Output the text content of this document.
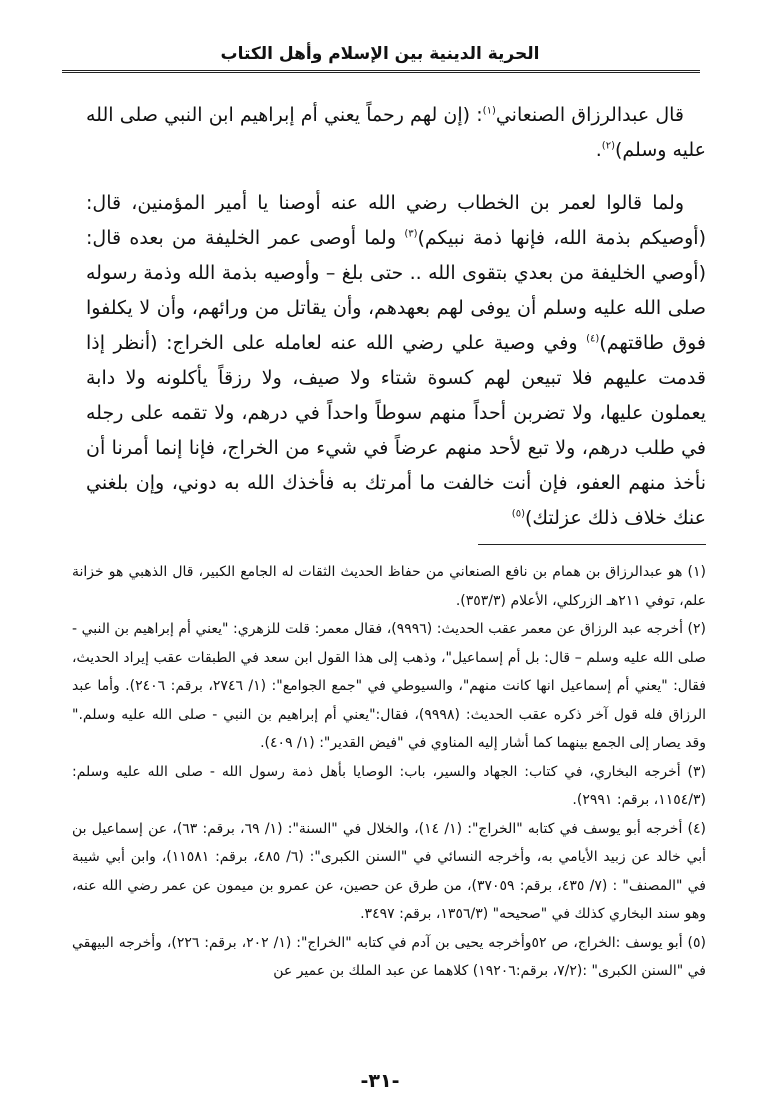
الحرية الدينية بين الإسلام وأهل الكتاب

قال عبدالرزاق الصنعاني$^{(١)}$: (إن لهم رحماً يعني أم إبراهيم ابن النبي صلى الله عليه وسلم)$^{(٢)}$.

ولما قالوا لعمر بن الخطاب رضي الله عنه أوصنا يا أمير المؤمنين، قال: (أوصيكم بذمة الله، فإنها ذمة نبيكم)$^{(٣)}$ ولما أوصى عمر الخليفة من بعده قال: (أوصي الخليفة من بعدي بتقوى الله .. حتى بلغ – وأوصيه بذمة الله وذمة رسوله صلى الله عليه وسلم أن يوفى لهم بعهدهم، وأن يقاتل من ورائهم، وأن لا يكلفوا فوق طاقتهم)$^{(٤)}$ وفي وصية علي رضي الله عنه لعامله على الخراج: (أنظر إذا قدمت عليهم فلا تبيعن لهم كسوة شتاء ولا صيف، ولا رزقاً يأكلونه ولا دابة يعملون عليها، ولا تضربن أحداً منهم سوطاً واحداً في درهم، ولا تقمه على رجله في طلب درهم، ولا تبع لأحد منهم عرضاً في شيء من الخراج، فإنا إنما أمرنا أن نأخذ منهم العفو، فإن أنت خالفت ما أمرتك به فأخذك الله به دوني، وإن بلغني عنك خلاف ذلك عزلتك)$^{(٥)}$

(١) هو عبدالرزاق بن همام بن نافع الصنعاني من حفاظ الحديث الثقات له الجامع الكبير، قال الذهبي هو خزانة علم، توفي ٢١١هـ الزركلي، الأعلام (٣٥٣/٣).

(٢) أخرجه عبد الرزاق عن معمر عقب الحديث: (٩٩٩٦)، فقال معمر: قلت للزهري: "يعني أم إبراهيم بن النبي - صلى الله عليه وسلم – قال: بل أم إسماعيل"، وذهب إلى هذا القول ابن سعد في الطبقات عقب إيراد الحديث، فقال: "يعني أم إسماعيل انها كانت منهم"، والسيوطي في "جمع الجوامع": (١/ ٢٧٤٦، برقم: ٢٤٠٦). وأما عبد الرزاق فله قول آخر ذكره عقب الحديث: (٩٩٩٨)، فقال:"يعني أم إبراهيم بن النبي - صلى الله عليه وسلم." وقد يصار إلى الجمع بينهما كما أشار إليه المناوي في "فيض القدير": (١/ ٤٠٩).

(٣) أخرجه البخاري، في كتاب: الجهاد والسير، باب: الوصايا بأهل ذمة رسول الله - صلى الله عليه وسلم: (١١٥٤/٣، برقم: ٢٩٩١).

(٤) أخرجه أبو يوسف في كتابه "الخراج": (١/ ١٤)، والخلال في "السنة": (١/ ٦٩، برقم: ٦٣)، عن إسماعيل بن أبي خالد عن زبيد الأيامي به، وأخرجه النسائي في "السنن الكبرى": (٦/ ٤٨٥، برقم: ١١٥٨١)، وابن أبي شيبة في "المصنف" : (٧/ ٤٣٥، برقم: ٣٧٠٥٩)، من طرق عن حصين، عن عمرو بن ميمون عن عمر رضي الله عنه، وهو سند البخاري كذلك في "صحيحه" (١٣٥٦/٣، برقم: ٣٤٩٧.

(٥) أبو يوسف :الخراج، ص ٥٢وأخرجه يحيى بن آدم في كتابه "الخراج": (١/ ٢٠٢، برقم: ٢٢٦)، وأخرجه البيهقي في "السنن الكبرى" :(٧/٢، برقم:١٩٢٠٦) كلاهما عن عبد الملك بن عمير عن

-٣١-
